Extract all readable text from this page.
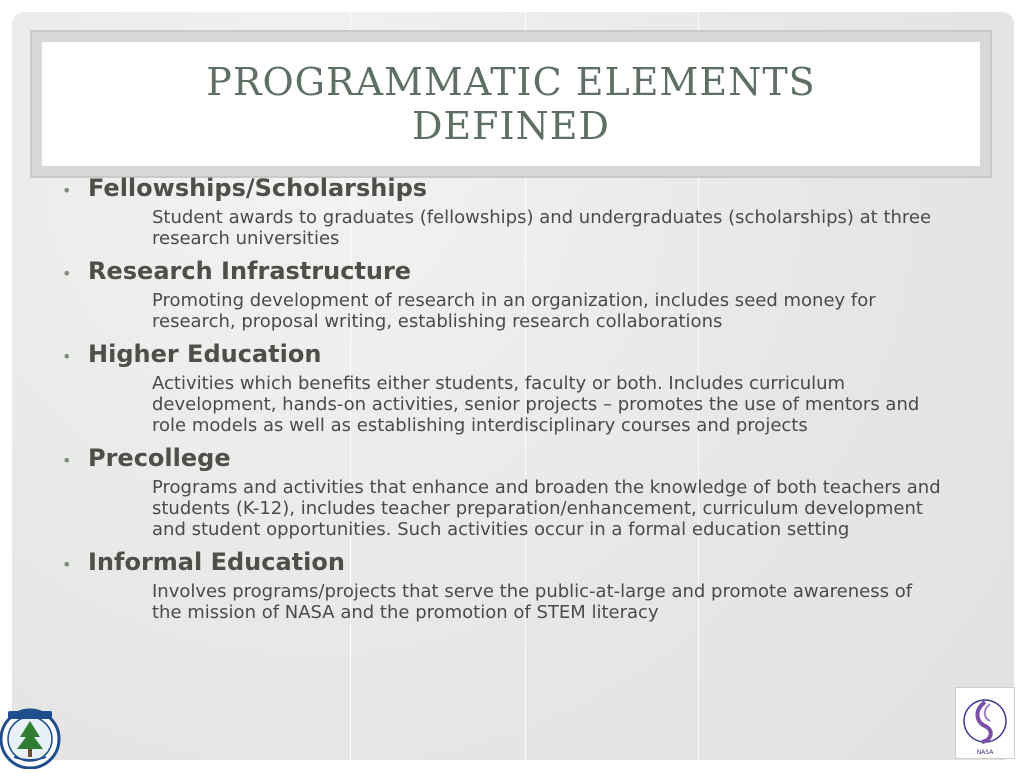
PROGRAMMATIC ELEMENTS DEFINED
• Fellowships/Scholarships

Student awards to graduates (fellowships) and undergraduates (scholarships) at three research universities

• Research Infrastructure

Promoting development of research in an organization, includes seed money for research, proposal writing, establishing research collaborations

• Higher Education

Activities which benefits either students, faculty or both. Includes curriculum development, hands-on activities, senior projects – promotes the use of mentors and role models as well as establishing interdisciplinary courses and projects

• Precollege

Programs and activities that enhance and broaden the knowledge of both teachers and students (K-12), includes teacher preparation/enhancement, curriculum development and student opportunities. Such activities occur in a formal education setting

• Informal Education

Involves programs/projects that serve the public-at-large and promote awareness of the mission of NASA and the promotion of STEM literacy

NASA
